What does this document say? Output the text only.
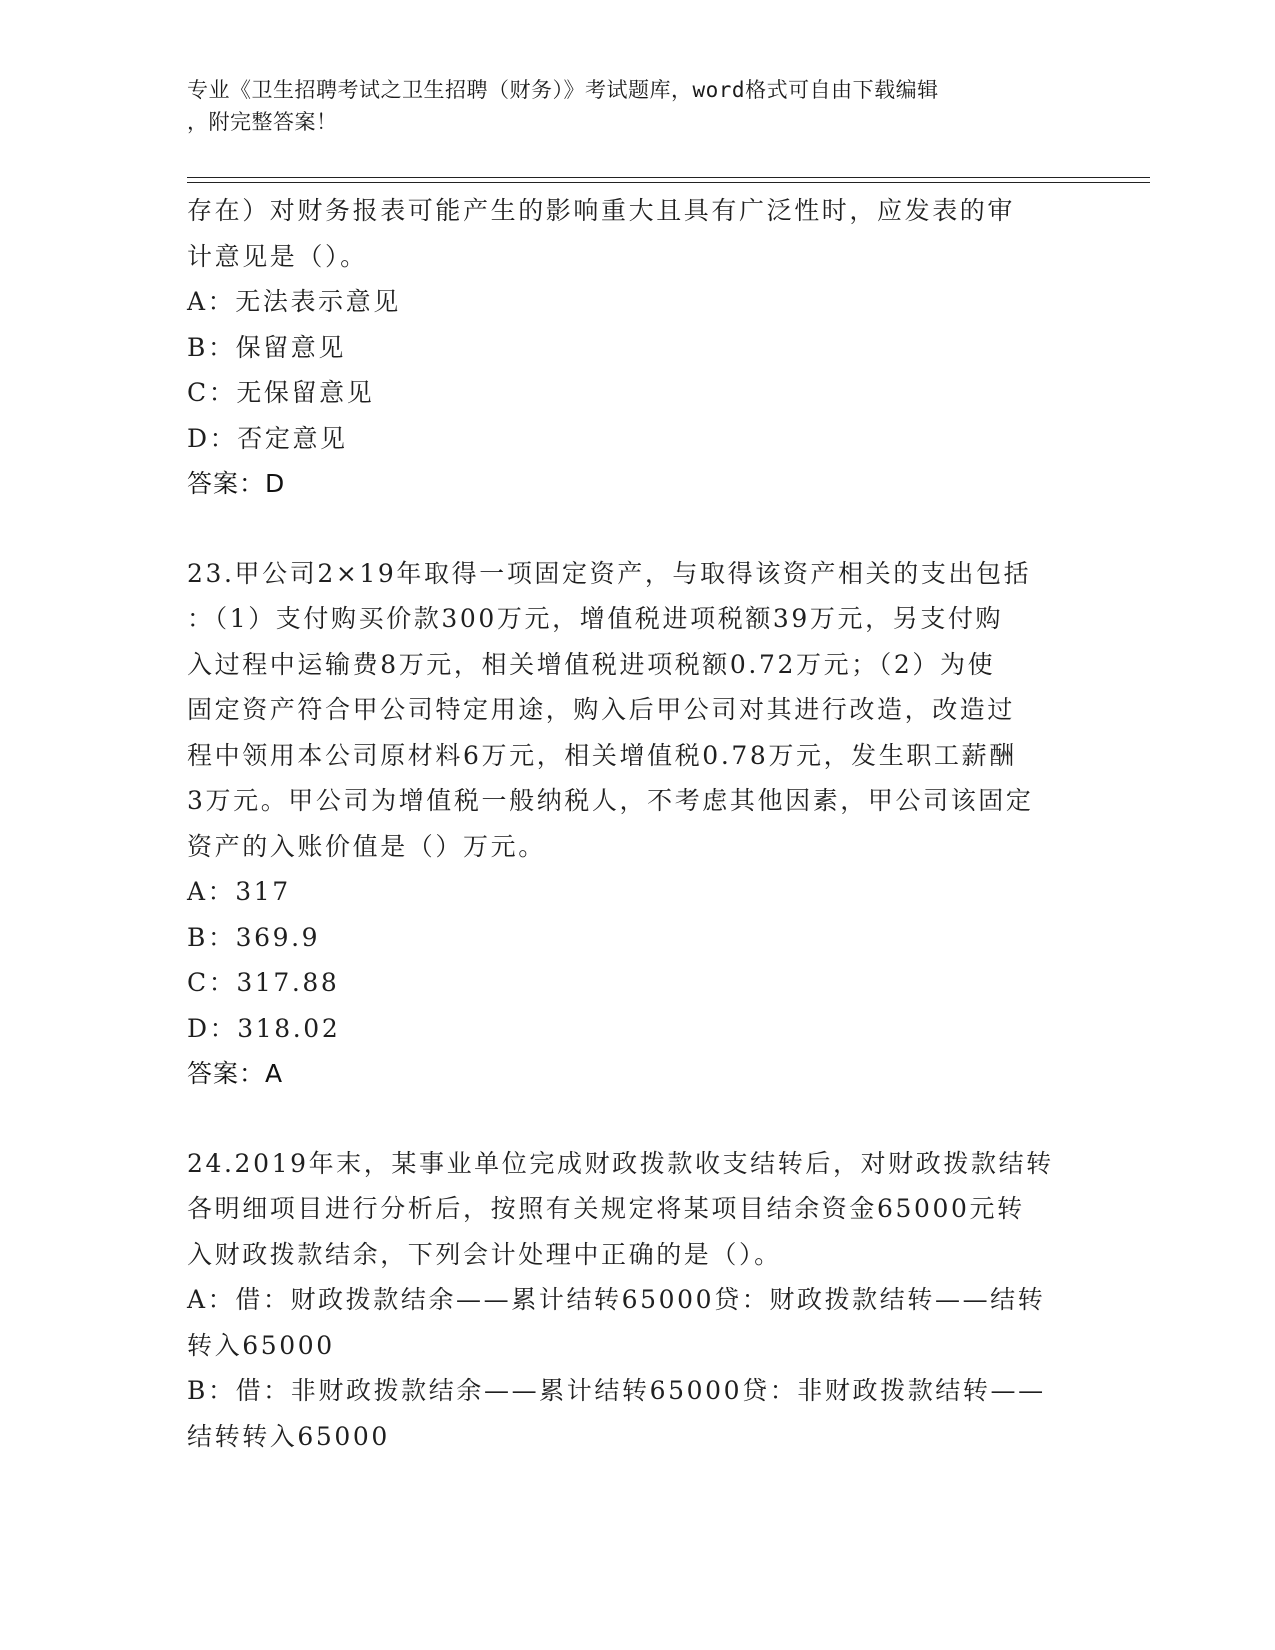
专业《卫生招聘考试之卫生招聘（财务）》考试题库，word格式可自由下载编辑
，附完整答案！
存在）对财务报表可能产生的影响重大且具有广泛性时，应发表的审
计意见是（）。
A：无法表示意见
B：保留意见
C：无保留意见
D：否定意见
答案：D
23.甲公司2×19年取得一项固定资产，与取得该资产相关的支出包括
：（1）支付购买价款300万元，增值税进项税额39万元，另支付购
入过程中运输费8万元，相关增值税进项税额0.72万元；（2）为使
固定资产符合甲公司特定用途，购入后甲公司对其进行改造，改造过
程中领用本公司原材料6万元，相关增值税0.78万元，发生职工薪酬
3万元。甲公司为增值税一般纳税人，不考虑其他因素，甲公司该固定
资产的入账价值是（）万元。
A：317
B：369.9
C：317.88
D：318.02
答案：A
24.2019年末，某事业单位完成财政拨款收支结转后，对财政拨款结转
各明细项目进行分析后，按照有关规定将某项目结余资金65000元转
入财政拨款结余，下列会计处理中正确的是（）。
A：借：财政拨款结余——累计结转65000贷：财政拨款结转——结转
转入65000
B：借：非财政拨款结余——累计结转65000贷：非财政拨款结转——
结转转入65000
